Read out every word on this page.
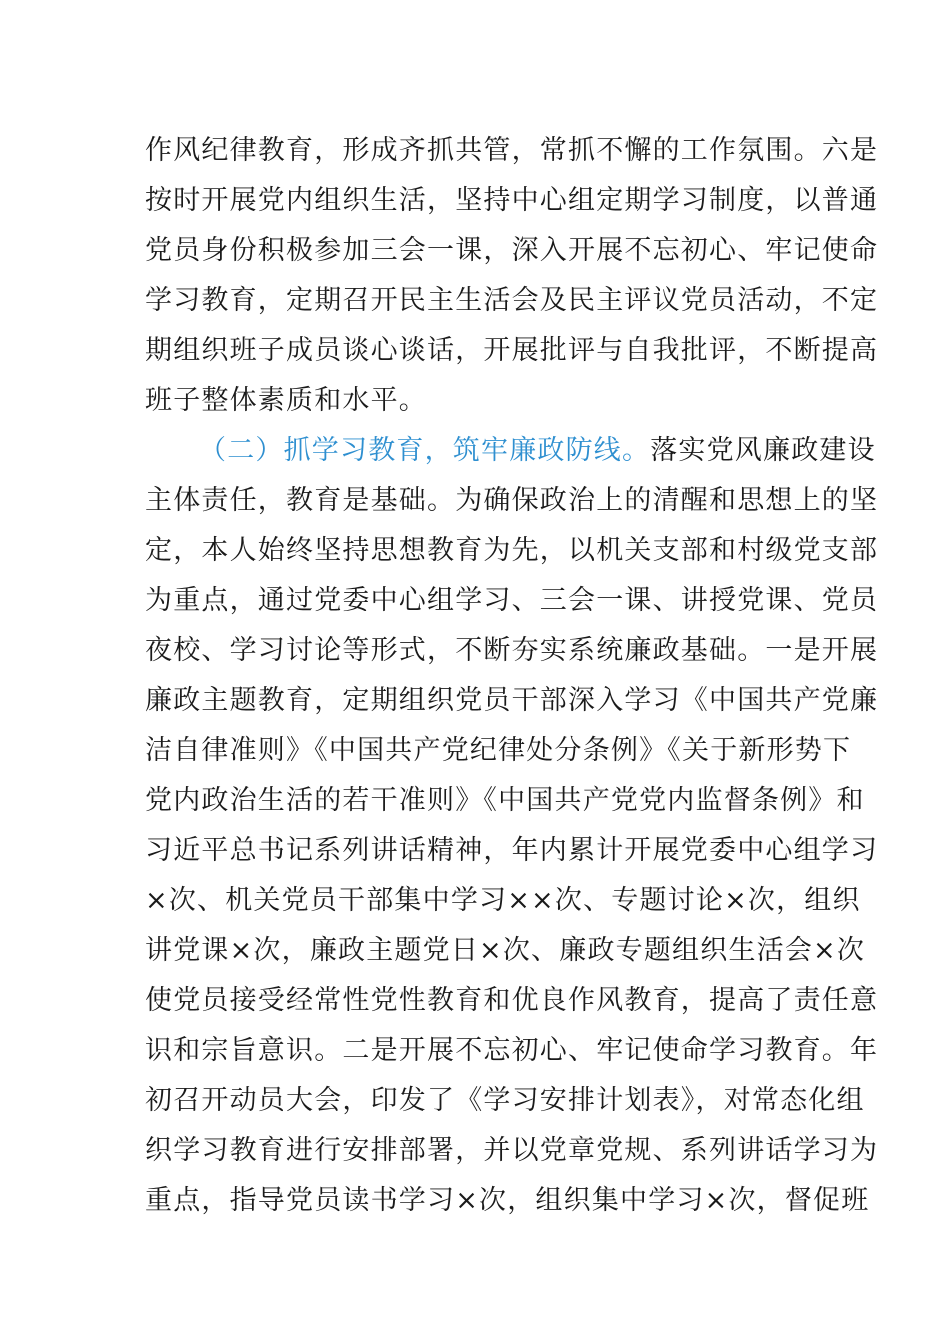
作风纪律教育，形成齐抓共管，常抓不懈的工作氛围。六是
按时开展党内组织生活，坚持中心组定期学习制度，以普通
党员身份积极参加三会一课，深入开展不忘初心、牢记使命
学习教育，定期召开民主生活会及民主评议党员活动，不定
期组织班子成员谈心谈话，开展批评与自我批评，不断提高
班子整体素质和水平。
（二）抓学习教育，筑牢廉政防线。落实党风廉政建设
主体责任，教育是基础。为确保政治上的清醒和思想上的坚
定，本人始终坚持思想教育为先，以机关支部和村级党支部
为重点，通过党委中心组学习、三会一课、讲授党课、党员
夜校、学习讨论等形式，不断夯实系统廉政基础。一是开展
廉政主题教育，定期组织党员干部深入学习《中国共产党廉
洁自律准则》《中国共产党纪律处分条例》《关于新形势下
党内政治生活的若干准则》《中国共产党党内监督条例》和
习近平总书记系列讲话精神，年内累计开展党委中心组学习
×次、机关党员干部集中学习××次、专题讨论×次，组织
讲党课×次，廉政主题党日×次、廉政专题组织生活会×次
使党员接受经常性党性教育和优良作风教育，提高了责任意
识和宗旨意识。二是开展不忘初心、牢记使命学习教育。年
初召开动员大会，印发了《学习安排计划表》，对常态化组
织学习教育进行安排部署，并以党章党规、系列讲话学习为
重点，指导党员读书学习×次，组织集中学习×次，督促班
